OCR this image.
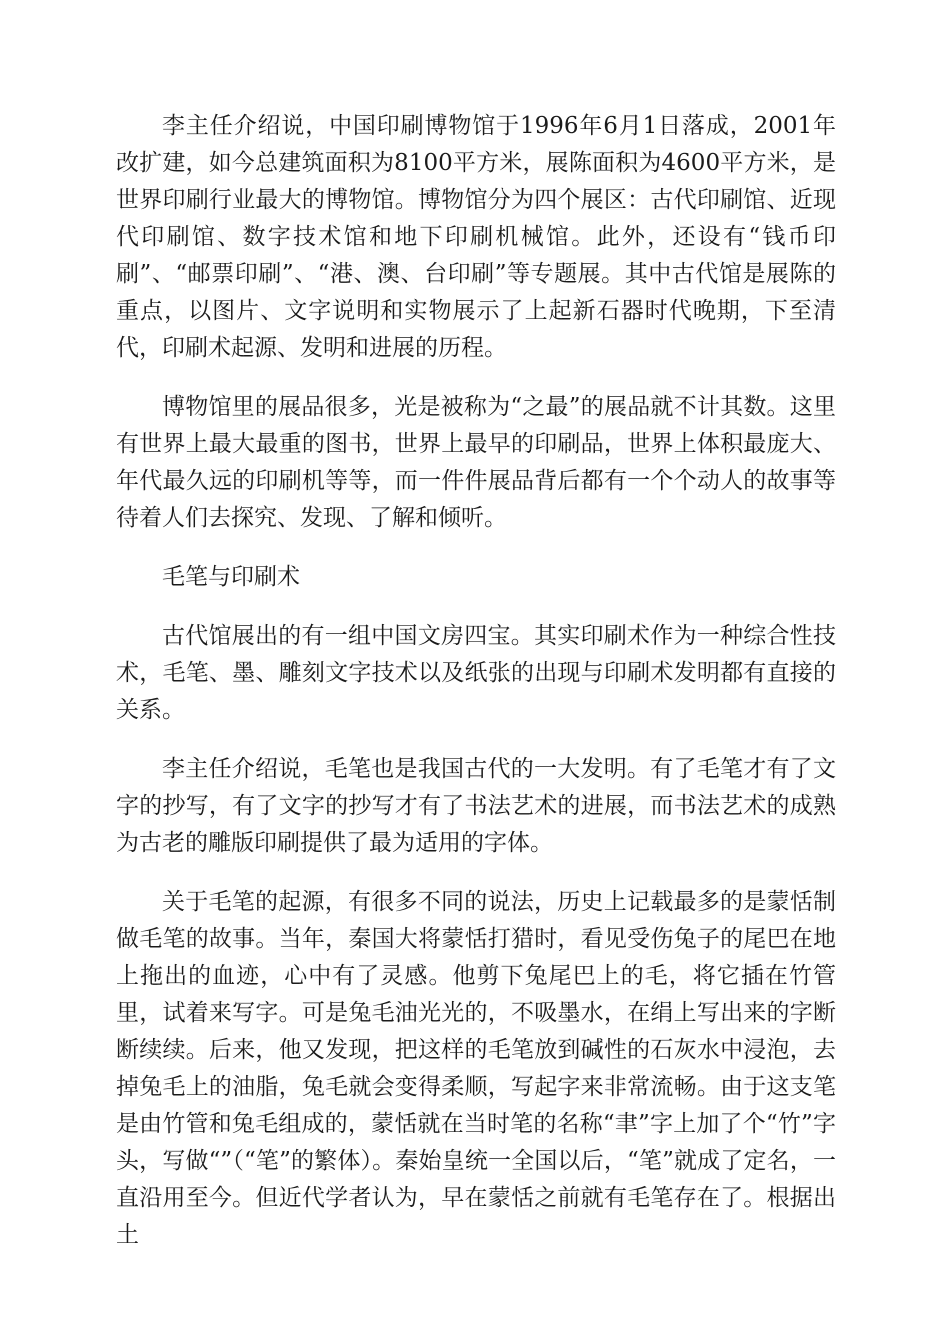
李主任介绍说，中国印刷博物馆于1996年6月1日落成，2001年改扩建，如今总建筑面积为8100平方米，展陈面积为4600平方米，是世界印刷行业最大的博物馆。博物馆分为四个展区：古代印刷馆、近现代印刷馆、数字技术馆和地下印刷机械馆。此外，还设有“钱币印刷”、“邮票印刷”、“港、澳、台印刷”等专题展。其中古代馆是展陈的重点，以图片、文字说明和实物展示了上起新石器时代晚期，下至清代，印刷术起源、发明和进展的历程。

博物馆里的展品很多，光是被称为“之最”的展品就不计其数。这里有世界上最大最重的图书，世界上最早的印刷品，世界上体积最庞大、年代最久远的印刷机等等，而一件件展品背后都有一个个动人的故事等待着人们去探究、发现、了解和倾听。

毛笔与印刷术

古代馆展出的有一组中国文房四宝。其实印刷术作为一种综合性技术，毛笔、墨、雕刻文字技术以及纸张的出现与印刷术发明都有直接的关系。

李主任介绍说，毛笔也是我国古代的一大发明。有了毛笔才有了文字的抄写，有了文字的抄写才有了书法艺术的进展，而书法艺术的成熟为古老的雕版印刷提供了最为适用的字体。

关于毛笔的起源，有很多不同的说法，历史上记载最多的是蒙恬制做毛笔的故事。当年，秦国大将蒙恬打猎时，看见受伤兔子的尾巴在地上拖出的血迹，心中有了灵感。他剪下兔尾巴上的毛，将它插在竹管里，试着来写字。可是兔毛油光光的，不吸墨水，在绢上写出来的字断断续续。后来，他又发现，把这样的毛笔放到碱性的石灰水中浸泡，去掉兔毛上的油脂，兔毛就会变得柔顺，写起字来非常流畅。由于这支笔是由竹管和兔毛组成的，蒙恬就在当时笔的名称“聿”字上加了个“竹”字头，写做“”（“笔”的繁体）。秦始皇统一全国以后，“笔”就成了定名，一直沿用至今。但近代学者认为，早在蒙恬之前就有毛笔存在了。根据出土
